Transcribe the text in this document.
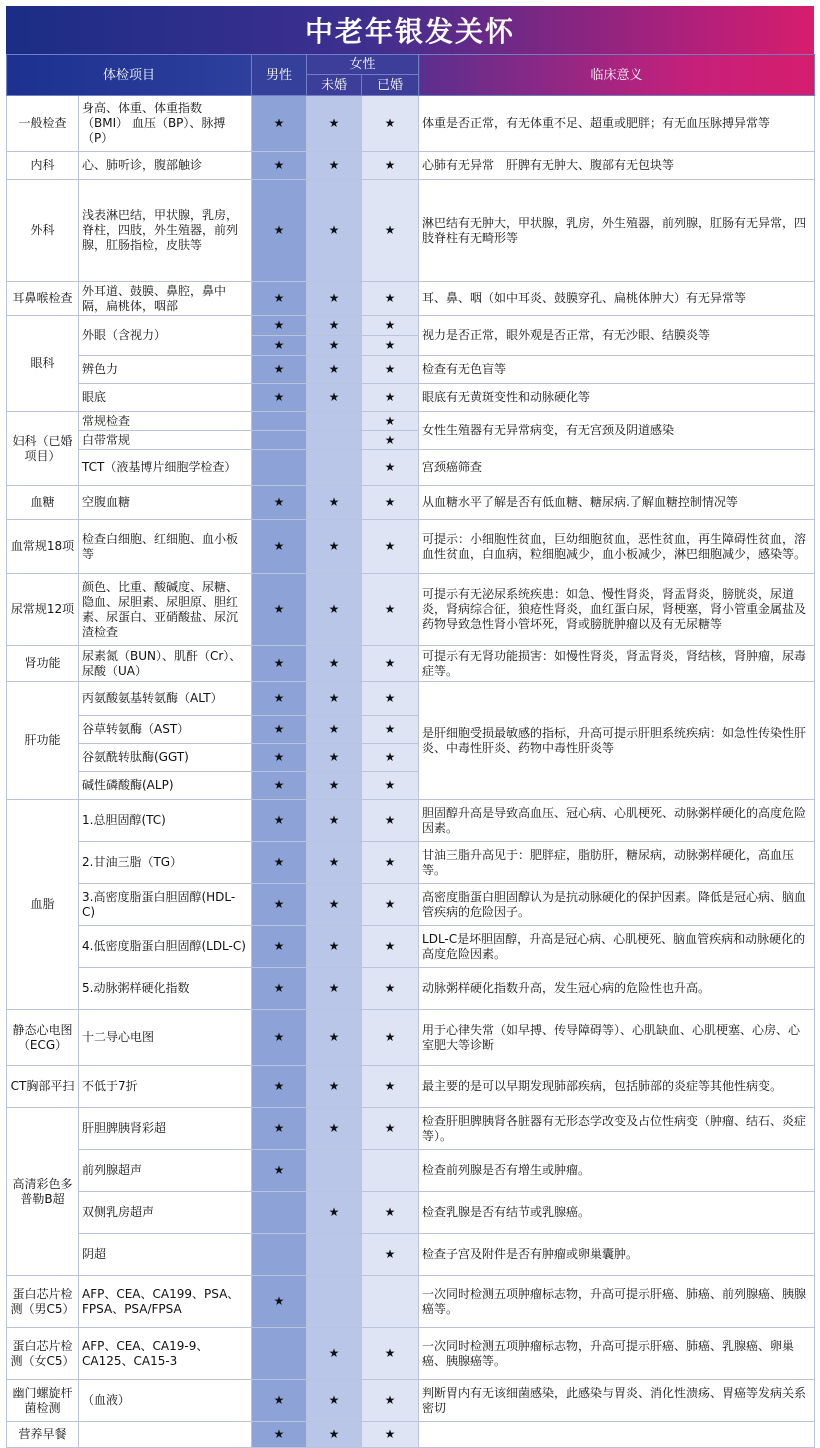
中老年银发关怀
体检项目		男性	女性		临床意义
			未婚	已婚	
一般检查	身高、体重、体重指数（BMI） 血压（BP）、脉搏（P）	★	★	★	体重是否正常，有无体重不足、超重或肥胖；有无血压脉搏异常等
内科	心、肺听诊，腹部触诊	★	★	★	心肺有无异常　肝脾有无肿大、腹部有无包块等
外科	浅表淋巴结，甲状腺，乳房，脊柱，四肢，外生殖器，前列腺，肛肠指检，皮肤等	★	★	★	淋巴结有无肿大，甲状腺，乳房，外生殖器，前列腺，肛肠有无异常，四肢脊柱有无畸形等
耳鼻喉检查	外耳道、鼓膜、鼻腔，鼻中隔，扁桃体，咽部	★	★	★	耳、鼻、咽（如中耳炎、鼓膜穿孔、扁桃体肿大）有无异常等
眼科	外眼（含视力）	★	★	★	视力是否正常，眼外观是否正常，有无沙眼、结膜炎等
		★	★	★	
	辨色力	★	★	★	检查有无色盲等
	眼底	★	★	★	眼底有无黄斑变性和动脉硬化等
妇科（已婚项目）	常规检查			★	女性生殖器有无异常病变，有无宫颈及阴道感染
	白带常规			★	
	TCT（液基博片细胞学检查）			★	宫颈癌筛查
血糖	空腹血糖	★	★	★	从血糖水平了解是否有低血糖、糖尿病.了解血糖控制情况等
血常规18项	检查白细胞、红细胞、血小板等	★	★	★	可提示：小细胞性贫血，巨幼细胞贫血，恶性贫血，再生障碍性贫血，溶血性贫血，白血病，粒细胞减少，血小板减少，淋巴细胞减少，感染等。
尿常规12项	颜色、比重、酸碱度、尿糖、隐血、尿胆素、尿胆原、胆红素、尿蛋白、亚硝酸盐、尿沉渣检查	★	★	★	可提示有无泌尿系统疾患：如急、慢性肾炎，肾盂肾炎，膀胱炎，尿道炎，肾病综合征，狼疮性肾炎，血红蛋白尿，肾梗塞，肾小管重金属盐及药物导致急性肾小管坏死，肾或膀胱肿瘤以及有无尿糖等
肾功能	尿素氮（BUN）、肌酐（Cr）、尿酸（UA）	★	★	★	可提示有无肾功能损害：如慢性肾炎，肾盂肾炎，肾结核，肾肿瘤，尿毒症等。
肝功能	丙氨酸氨基转氨酶（ALT）	★	★	★	是肝细胞受损最敏感的指标，升高可提示肝胆系统疾病：如急性传染性肝炎、中毒性肝炎、药物中毒性肝炎等
	谷草转氨酶（AST）	★	★	★	
	谷氨酰转肽酶(GGT)	★	★	★	
	碱性磷酸酶(ALP)	★	★	★	
血脂	1.总胆固醇(TC)	★	★	★	胆固醇升高是导致高血压、冠心病、心肌梗死、动脉粥样硬化的高度危险因素。
	2.甘油三脂（TG）	★	★	★	甘油三脂升高见于：肥胖症，脂肪肝，糖尿病，动脉粥样硬化，高血压等。
	3.高密度脂蛋白胆固醇(HDL-C)	★	★	★	高密度脂蛋白胆固醇认为是抗动脉硬化的保护因素。降低是冠心病、脑血管疾病的危险因子。
	4.低密度脂蛋白胆固醇(LDL-C)	★	★	★	LDL-C是坏胆固醇，升高是冠心病、心肌梗死、脑血管疾病和动脉硬化的高度危险因素。
	5.动脉粥样硬化指数	★	★	★	动脉粥样硬化指数升高，发生冠心病的危险性也升高。
静态心电图（ECG）	十二导心电图	★	★	★	用于心律失常（如早搏、传导障碍等）、心肌缺血、心肌梗塞、心房、心室肥大等诊断
CT胸部平扫	不低于7折	★	★	★	最主要的是可以早期发现肺部疾病，包括肺部的炎症等其他性病变。
高清彩色多普勒B超	肝胆脾胰肾彩超	★	★	★	检查肝胆脾胰肾各脏器有无形态学改变及占位性病变（肿瘤、结石、炎症等）。
	前列腺超声	★			检查前列腺是否有增生或肿瘤。
	双侧乳房超声		★	★	检查乳腺是否有结节或乳腺癌。
	阴超			★	检查子宫及附件是否有肿瘤或卵巢囊肿。
蛋白芯片检测（男C5）	AFP、CEA、CA199、PSA、FPSA、PSA/FPSA	★			一次同时检测五项肿瘤标志物，升高可提示肝癌、肺癌、前列腺癌、胰腺癌等。
蛋白芯片检测（女C5）	AFP、CEA、CA19-9、CA125、CA15-3		★	★	一次同时检测五项肿瘤标志物，升高可提示肝癌、肺癌、乳腺癌、卵巢癌、胰腺癌等。
幽门螺旋杆菌检测	（血液）	★	★	★	判断胃内有无该细菌感染，此感染与胃炎、消化性溃疡、胃癌等发病关系密切
营养早餐		★	★	★	
